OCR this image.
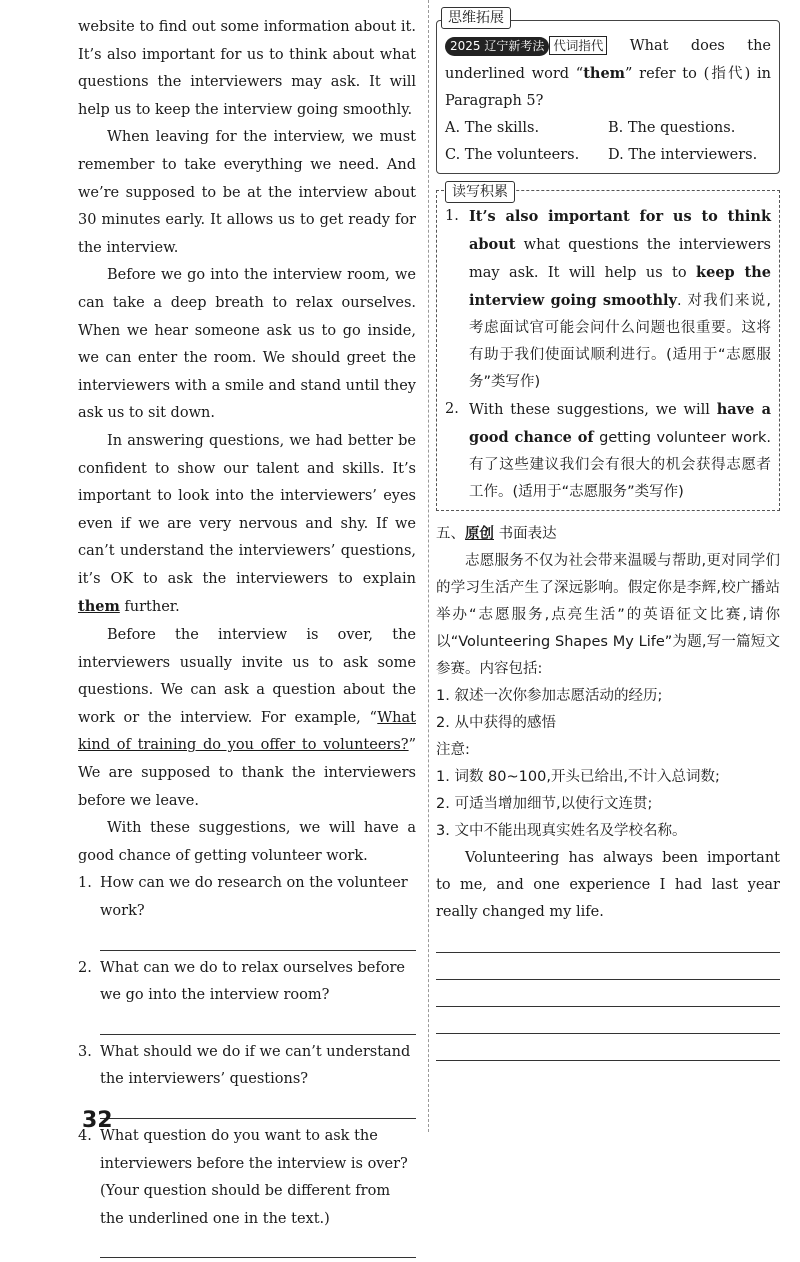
website to find out some information about it. It’s also important for us to think about what questions the interviewers may ask. It will help us to keep the interview going smoothly.

When leaving for the interview, we must remember to take everything we need. And we’re supposed to be at the interview about 30 minutes early. It allows us to get ready for the interview.

Before we go into the interview room, we can take a deep breath to relax ourselves. When we hear someone ask us to go inside, we can enter the room. We should greet the interviewers with a smile and stand until they ask us to sit down.

In answering questions, we had better be confident to show our talent and skills. It’s important to look into the interviewers’ eyes even if we are very nervous and shy. If we can’t understand the interviewers’ questions, it’s OK to ask the interviewers to explain them further.

Before the interview is over, the interviewers usually invite us to ask some questions. We can ask a question about the work or the interview. For example, “What kind of training do you offer to volunteers?” We are supposed to thank the interviewers before we leave.

With these suggestions, we will have a good chance of getting volunteer work.

1. How can we do research on the volunteer work?
2. What can we do to relax ourselves before we go into the interview room?
3. What should we do if we can’t understand the interviewers’ questions?
4. What question do you want to ask the interviewers before the interview is over? (Your question should be different from the underlined one in the text.)
32
思维拓展

2025 辽宁新考法 代词指代 What does the underlined word “them” refer to (指代) in Paragraph 5?

A. The skills.	B. The questions.
C. The volunteers.	D. The interviewers.
读写积累
1. It’s also important for us to think about what questions the interviewers may ask. It will help us to keep the interview going smoothly. 对我们来说,考虑面试官可能会问什么问题也很重要。这将有助于我们使面试顺利进行。(适用于“志愿服务”类写作)
2. With these suggestions, we will have a good chance of getting volunteer work. 有了这些建议我们会有很大的机会获得志愿者工作。(适用于“志愿服务”类写作)
五、原创 书面表达

志愿服务不仅为社会带来温暖与帮助,更对同学们的学习生活产生了深远影响。假定你是李辉,校广播站举办“志愿服务,点亮生活”的英语征文比赛,请你以“Volunteering Shapes My Life”为题,写一篇短文参赛。内容包括:

1. 叙述一次你参加志愿活动的经历;

2. 从中获得的感悟

注意:

1. 词数 80~100,开头已给出,不计入总词数;

2. 可适当增加细节,以使行文连贯;

3. 文中不能出现真实姓名及学校名称。

Volunteering has always been important to me, and one experience I had last year really changed my life.
